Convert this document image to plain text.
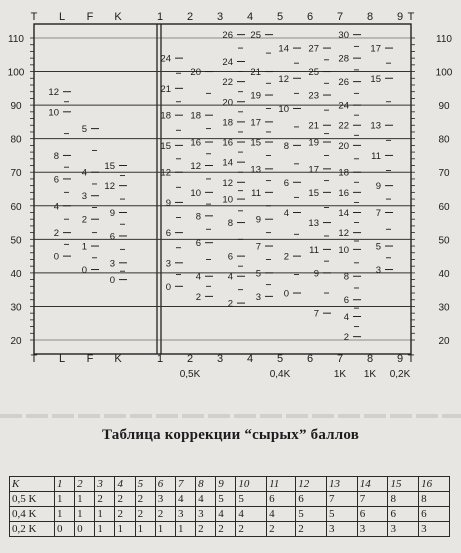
110	110
100	100
90	90
80	80
70	70
60	60
50	50
40	40
30	30
20	20
T L F K	1 2 3 4 5 6 7 8 9 T
T L F K	1 2 3 4 5 6 7 8 9 T
0,5K	0,4K	1K 1K 0,2K
12
10
8
6
4
2
0
5
4
3
2
1
0
15
12
9
6
3
0
24
21
18
15
12
9
6
3
0
20
18
16
12
10
8
6
4
2
26
24
22
20
18
16
14
12
10
8
6
4
2
25
21
19
17
15
13
11
9
7
5
3
14
12
10
8
6
4
2
0
27
25
23
21
19
17
15
13
11
9
7
30
28
26
24
22
20
18
16
14
12
10
8
6
4
2
17
15
13
11
9
7
5
3
Таблица коррекции “сырых” баллов
K	1	2	3	4	5	6	7	8	9	10	11	12	13	14	15	16
0,5 K	1	1	2	2	2	3	4	4	5	5	6	6	7	7	8	8
0,4 K	1	1	1	2	2	2	3	3	4	4	4	5	5	6	6	6
0,2 K	0	0	1	1	1	1	1	2	2	2	2	2	3	3	3	3
